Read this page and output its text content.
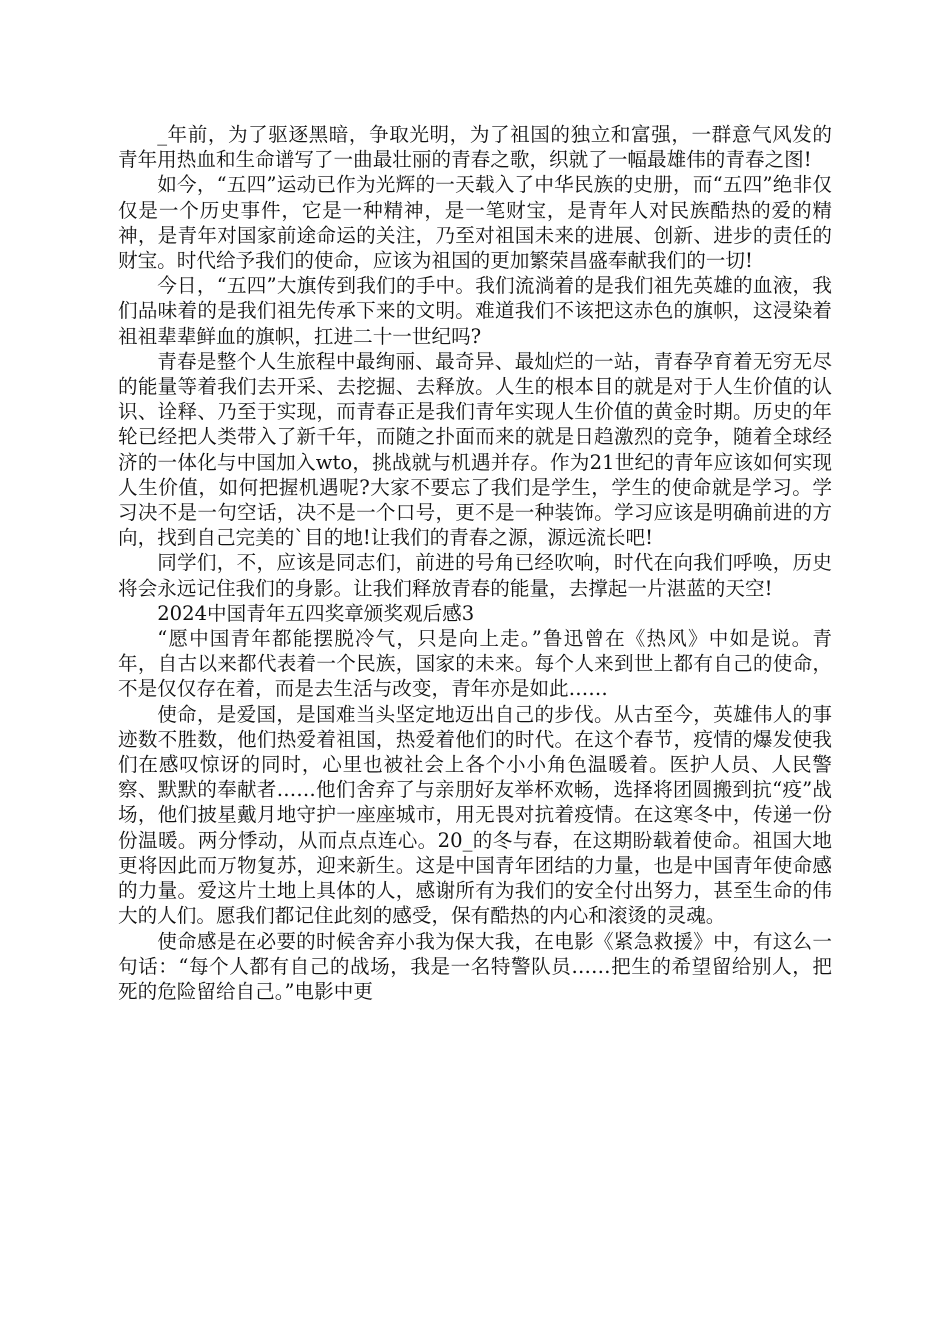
_年前，为了驱逐黑暗，争取光明，为了祖国的独立和富强，一群意气风发的青年用热血和生命谱写了一曲最壮丽的青春之歌，织就了一幅最雄伟的青春之图!

如今，“五四”运动已作为光辉的一天载入了中华民族的史册，而“五四”绝非仅仅是一个历史事件，它是一种精神，是一笔财宝，是青年人对民族酷热的爱的精神，是青年对国家前途命运的关注，乃至对祖国未来的进展、创新、进步的责任的财宝。时代给予我们的使命，应该为祖国的更加繁荣昌盛奉献我们的一切!

今日，“五四”大旗传到我们的手中。我们流淌着的是我们祖先英雄的血液，我们品味着的是我们祖先传承下来的文明。难道我们不该把这赤色的旗帜，这浸染着祖祖辈辈鲜血的旗帜，扛进二十一世纪吗?

青春是整个人生旅程中最绚丽、最奇异、最灿烂的一站，青春孕育着无穷无尽的能量等着我们去开采、去挖掘、去释放。人生的根本目的就是对于人生价值的认识、诠释、乃至于实现，而青春正是我们青年实现人生价值的黄金时期。历史的年轮已经把人类带入了新千年，而随之扑面而来的就是日趋激烈的竞争，随着全球经济的一体化与中国加入wto，挑战就与机遇并存。作为21世纪的青年应该如何实现人生价值，如何把握机遇呢?大家不要忘了我们是学生，学生的使命就是学习。学习决不是一句空话，决不是一个口号，更不是一种装饰。学习应该是明确前进的方向，找到自己完美的`目的地!让我们的青春之源，源远流长吧!

同学们，不，应该是同志们，前进的号角已经吹响，时代在向我们呼唤，历史将会永远记住我们的身影。让我们释放青春的能量，去撑起一片湛蓝的天空!

2024中国青年五四奖章颁奖观后感3

“愿中国青年都能摆脱冷气，只是向上走。”鲁迅曾在《热风》中如是说。青年，自古以来都代表着一个民族，国家的未来。每个人来到世上都有自己的使命，不是仅仅存在着，而是去生活与改变，青年亦是如此……

使命，是爱国，是国难当头坚定地迈出自己的步伐。从古至今，英雄伟人的事迹数不胜数，他们热爱着祖国，热爱着他们的时代。在这个春节，疫情的爆发使我们在感叹惊讶的同时，心里也被社会上各个小小角色温暖着。医护人员、人民警察、默默的奉献者……他们舍弃了与亲朋好友举杯欢畅，选择将团圆搬到抗“疫”战场，他们披星戴月地守护一座座城市，用无畏对抗着疫情。在这寒冬中，传递一份份温暖。两分悸动，从而点点连心。20_的冬与春，在这期盼载着使命。祖国大地更将因此而万物复苏，迎来新生。这是中国青年团结的力量，也是中国青年使命感的力量。爱这片土地上具体的人，感谢所有为我们的安全付出努力，甚至生命的伟大的人们。愿我们都记住此刻的感受，保有酷热的内心和滚烫的灵魂。

使命感是在必要的时候舍弃小我为保大我，在电影《紧急救援》中，有这么一句话：“每个人都有自己的战场，我是一名特警队员……把生的希望留给别人，把死的危险留给自己。”电影中更
